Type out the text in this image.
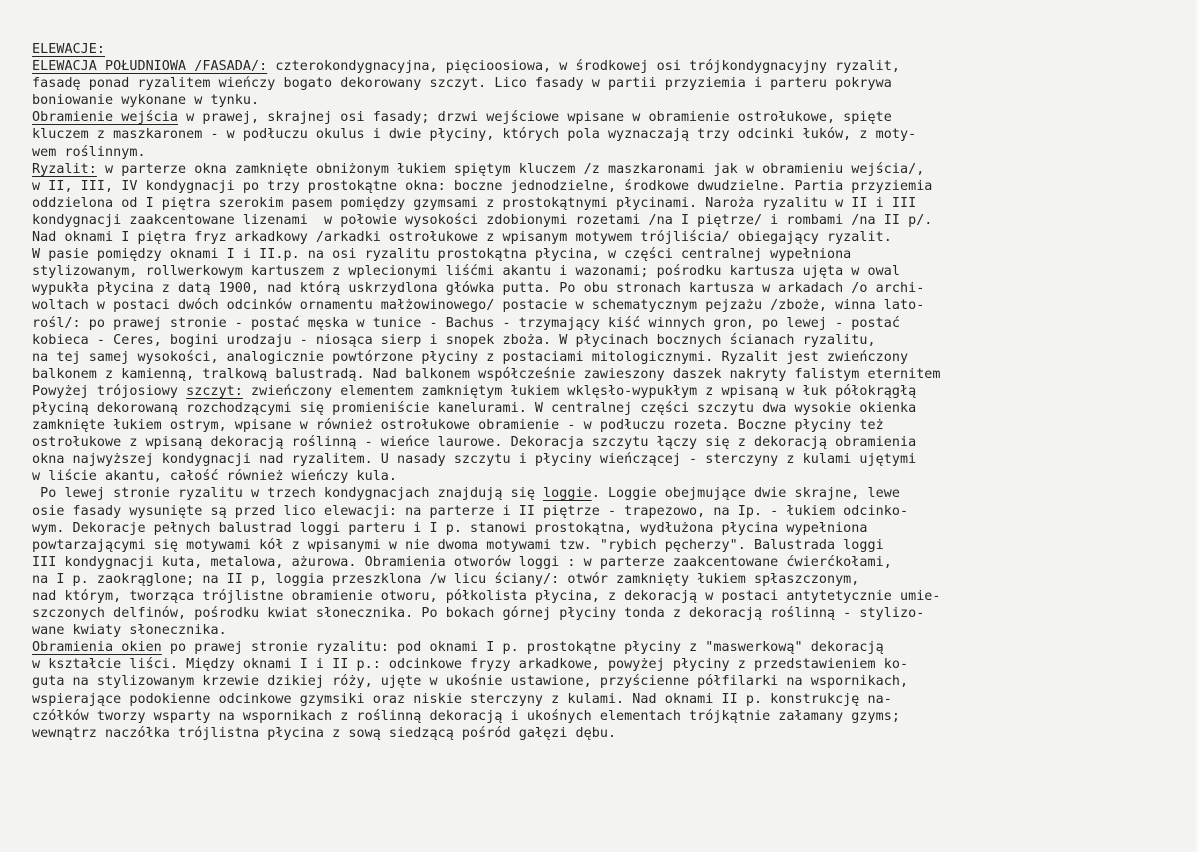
ELEWACJE:
ELEWACJA POŁUDNIOWA /FASADA/: czterokondygnacyjna, pięcioosiowa, w środkowej osi trójkondygnacyjny ryzalit,
fasadę ponad ryzalitem wieńczy bogato dekorowany szczyt. Lico fasady w partii przyziemia i parteru pokrywa
boniowanie wykonane w tynku.
Obramienie wejścia w prawej, skrajnej osi fasady; drzwi wejściowe wpisane w obramienie ostrołukowe, spięte
kluczem z maszkaronem - w podłuczu okulus i dwie płyciny, których pola wyznaczają trzy odcinki łuków, z moty-
wem roślinnym.
Ryzalit: w parterze okna zamknięte obniżonym łukiem spiętym kluczem /z maszkaronami jak w obramieniu wejścia/,
w II, III, IV kondygnacji po trzy prostokątne okna: boczne jednodzielne, środkowe dwudzielne. Partia przyziemia
oddzielona od I piętra szerokim pasem pomiędzy gzymsami z prostokątnymi płycinami. Naroża ryzalitu w II i III
kondygnacji zaakcentowane lizenami  w połowie wysokości zdobionymi rozetami /na I piętrze/ i rombami /na II p/.
Nad oknami I piętra fryz arkadkowy /arkadki ostrołukowe z wpisanym motywem trójliścia/ obiegający ryzalit.
W pasie pomiędzy oknami I i II.p. na osi ryzalitu prostokątna płycina, w części centralnej wypełniona
stylizowanym, rollwerkowym kartuszem z wplecionymi liśćmi akantu i wazonami; pośrodku kartusza ujęta w owal
wypukła płycina z datą 1900, nad którą uskrzydlona główka putta. Po obu stronach kartusza w arkadach /o archi-
woltach w postaci dwóch odcinków ornamentu małżowinowego/ postacie w schematycznym pejzażu /zboże, winna lato-
rośl/: po prawej stronie - postać męska w tunice - Bachus - trzymający kiść winnych gron, po lewej - postać
kobieca - Ceres, bogini urodzaju - niosąca sierp i snopek zboża. W płycinach bocznych ścianach ryzalitu,
na tej samej wysokości, analogicznie powtórzone płyciny z postaciami mitologicznymi. Ryzalit jest zwieńczony
balkonem z kamienną, tralkową balustradą. Nad balkonem współcześnie zawieszony daszek nakryty falistym eternitem
Powyżej trójosiowy szczyt: zwieńczony elementem zamkniętym łukiem wklęsło-wypukłym z wpisaną w łuk półokrągłą
płyciną dekorowaną rozchodzącymi się promieniście kanelurami. W centralnej części szczytu dwa wysokie okienka
zamknięte łukiem ostrym, wpisane w również ostrołukowe obramienie - w podłuczu rozeta. Boczne płyciny też
ostrołukowe z wpisaną dekoracją roślinną - wieńce laurowe. Dekoracja szczytu łączy się z dekoracją obramienia
okna najwyższej kondygnacji nad ryzalitem. U nasady szczytu i płyciny wieńczącej - sterczyny z kulami ujętymi
w liście akantu, całość również wieńczy kula.
Po lewej stronie ryzalitu w trzech kondygnacjach znajdują się loggie. Loggie obejmujące dwie skrajne, lewe
osie fasady wysunięte są przed lico elewacji: na parterze i II piętrze - trapezowo, na Ip. - łukiem odcinko-
wym. Dekoracje pełnych balustrad loggi parteru i I p. stanowi prostokątna, wydłużona płycina wypełniona
powtarzającymi się motywami kół z wpisanymi w nie dwoma motywami tzw. "rybich pęcherzy". Balustrada loggi
III kondygnacji kuta, metalowa, ażurowa. Obramienia otworów loggi : w parterze zaakcentowane ćwierćkołami,
na I p. zaokrąglone; na II p, loggia przeszklona /w licu ściany/: otwór zamknięty łukiem spłaszczonym,
nad którym, tworząca trójlistne obramienie otworu, półkolista płycina, z dekoracją w postaci antytetycznie umie-
szczonych delfinów, pośrodku kwiat słonecznika. Po bokach górnej płyciny tonda z dekoracją roślinną - stylizo-
wane kwiaty słonecznika.
Obramienia okien po prawej stronie ryzalitu: pod oknami I p. prostokątne płyciny z "maswerkową" dekoracją
w kształcie liści. Między oknami I i II p.: odcinkowe fryzy arkadkowe, powyżej płyciny z przedstawieniem ko-
guta na stylizowanym krzewie dzikiej róży, ujęte w ukośnie ustawione, przyścienne półfilarki na wspornikach,
wspierające podokienne odcinkowe gzymsiki oraz niskie sterczyny z kulami. Nad oknami II p. konstrukcję na-
czółków tworzy wsparty na wspornikach z roślinną dekoracją i ukośnych elementach trójkątnie załamany gzyms;
wewnątrz naczółka trójlistna płycina z sową siedzącą pośród gałęzi dębu.
